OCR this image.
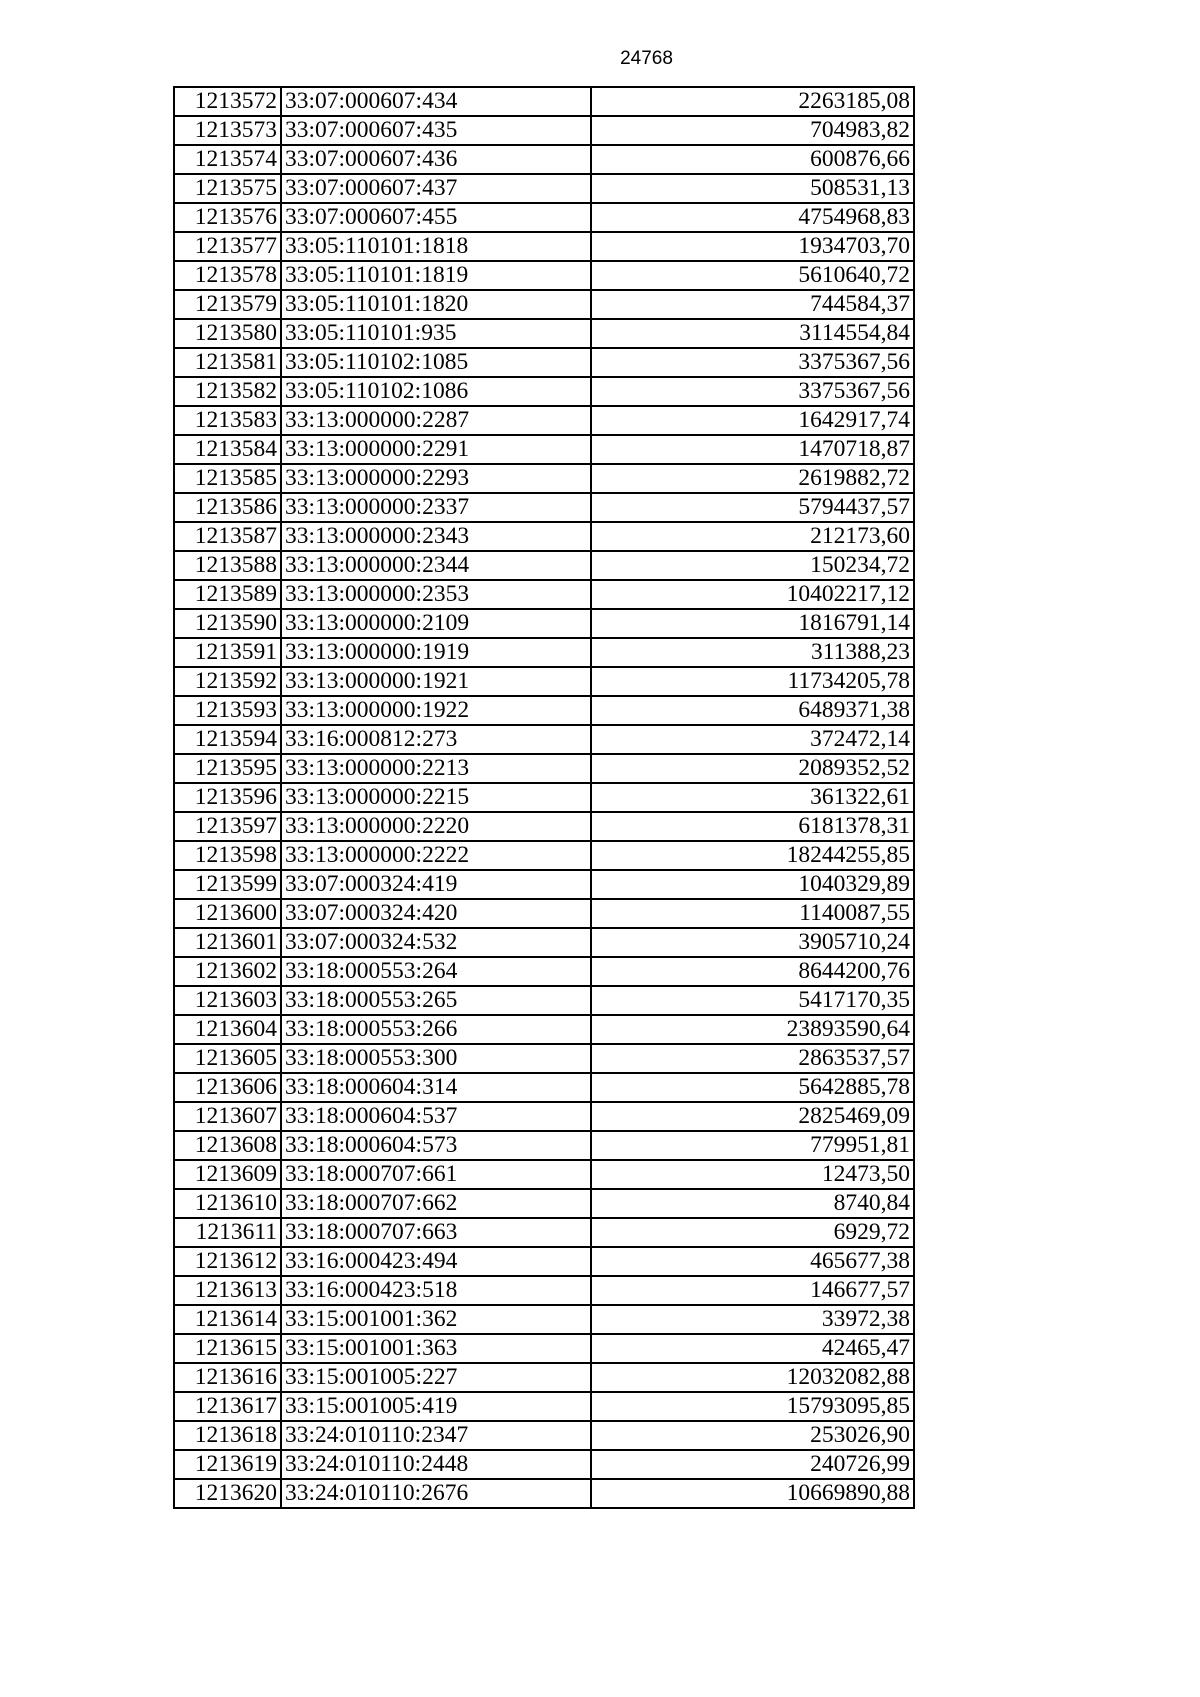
24768
1213572	33:07:000607:434	2263185,08
1213573	33:07:000607:435	704983,82
1213574	33:07:000607:436	600876,66
1213575	33:07:000607:437	508531,13
1213576	33:07:000607:455	4754968,83
1213577	33:05:110101:1818	1934703,70
1213578	33:05:110101:1819	5610640,72
1213579	33:05:110101:1820	744584,37
1213580	33:05:110101:935	3114554,84
1213581	33:05:110102:1085	3375367,56
1213582	33:05:110102:1086	3375367,56
1213583	33:13:000000:2287	1642917,74
1213584	33:13:000000:2291	1470718,87
1213585	33:13:000000:2293	2619882,72
1213586	33:13:000000:2337	5794437,57
1213587	33:13:000000:2343	212173,60
1213588	33:13:000000:2344	150234,72
1213589	33:13:000000:2353	10402217,12
1213590	33:13:000000:2109	1816791,14
1213591	33:13:000000:1919	311388,23
1213592	33:13:000000:1921	11734205,78
1213593	33:13:000000:1922	6489371,38
1213594	33:16:000812:273	372472,14
1213595	33:13:000000:2213	2089352,52
1213596	33:13:000000:2215	361322,61
1213597	33:13:000000:2220	6181378,31
1213598	33:13:000000:2222	18244255,85
1213599	33:07:000324:419	1040329,89
1213600	33:07:000324:420	1140087,55
1213601	33:07:000324:532	3905710,24
1213602	33:18:000553:264	8644200,76
1213603	33:18:000553:265	5417170,35
1213604	33:18:000553:266	23893590,64
1213605	33:18:000553:300	2863537,57
1213606	33:18:000604:314	5642885,78
1213607	33:18:000604:537	2825469,09
1213608	33:18:000604:573	779951,81
1213609	33:18:000707:661	12473,50
1213610	33:18:000707:662	8740,84
1213611	33:18:000707:663	6929,72
1213612	33:16:000423:494	465677,38
1213613	33:16:000423:518	146677,57
1213614	33:15:001001:362	33972,38
1213615	33:15:001001:363	42465,47
1213616	33:15:001005:227	12032082,88
1213617	33:15:001005:419	15793095,85
1213618	33:24:010110:2347	253026,90
1213619	33:24:010110:2448	240726,99
1213620	33:24:010110:2676	10669890,88
